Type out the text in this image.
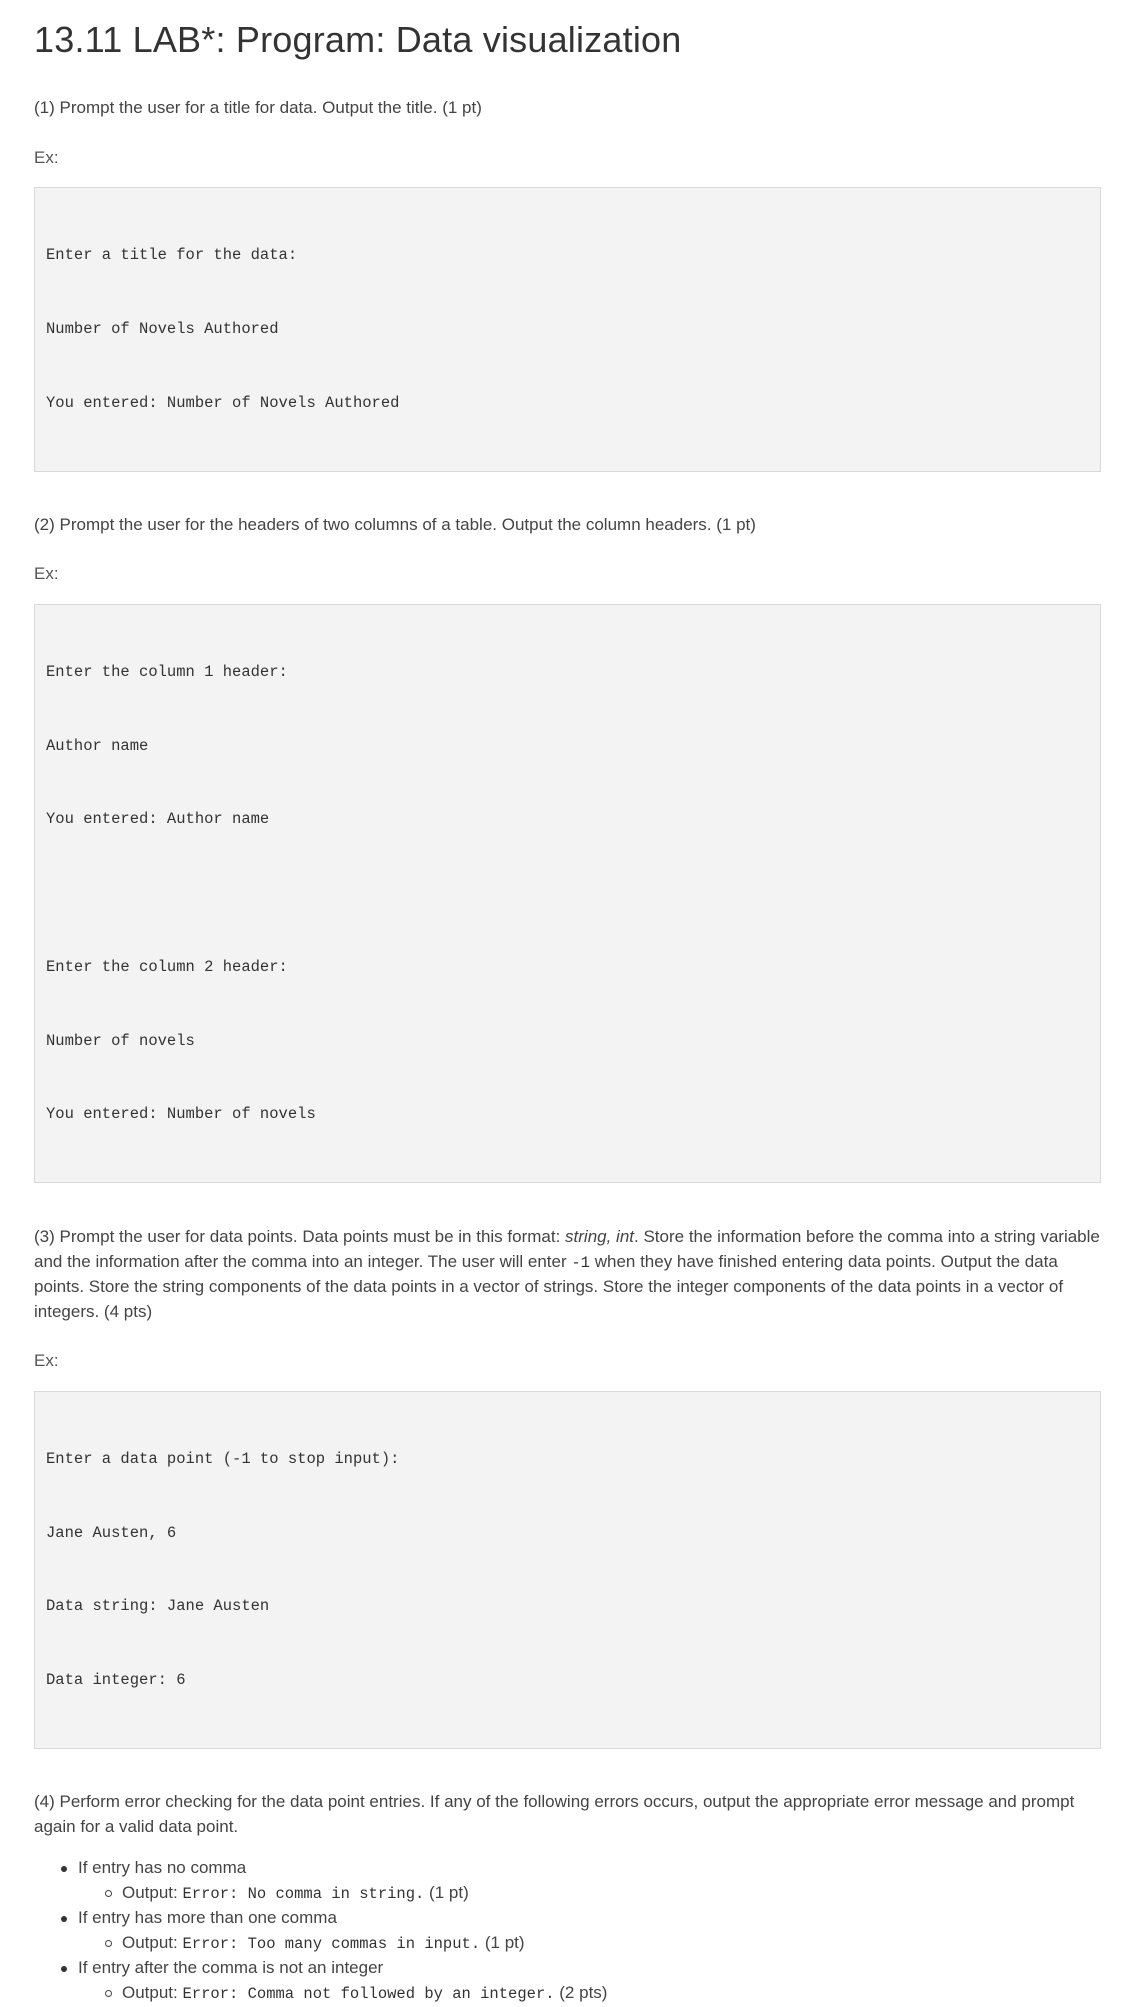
13.11 LAB*: Program: Data visualization

(1) Prompt the user for a title for data. Output the title. (1 pt)

Ex:

Enter a title for the data:

Number of Novels Authored

You entered: Number of Novels Authored

(2) Prompt the user for the headers of two columns of a table. Output the column headers. (1 pt)

Ex:

Enter the column 1 header:

Author name

You entered: Author name

Enter the column 2 header:

Number of novels

You entered: Number of novels

(3) Prompt the user for data points. Data points must be in this format: string, int. Store the information before the comma into a string variable and the information after the comma into an integer. The user will enter -1 when they have finished entering data points. Output the data points. Store the string components of the data points in a vector of strings. Store the integer components of the data points in a vector of integers. (4 pts)

Ex:

Enter a data point (-1 to stop input):

Jane Austen, 6

Data string: Jane Austen

Data integer: 6

(4) Perform error checking for the data point entries. If any of the following errors occurs, output the appropriate error message and prompt again for a valid data point.

If entry has no comma
Output: Error: No comma in string. (1 pt)
If entry has more than one comma
Output: Error: Too many commas in input. (1 pt)
If entry after the comma is not an integer
Output: Error: Comma not followed by an integer. (2 pts)
